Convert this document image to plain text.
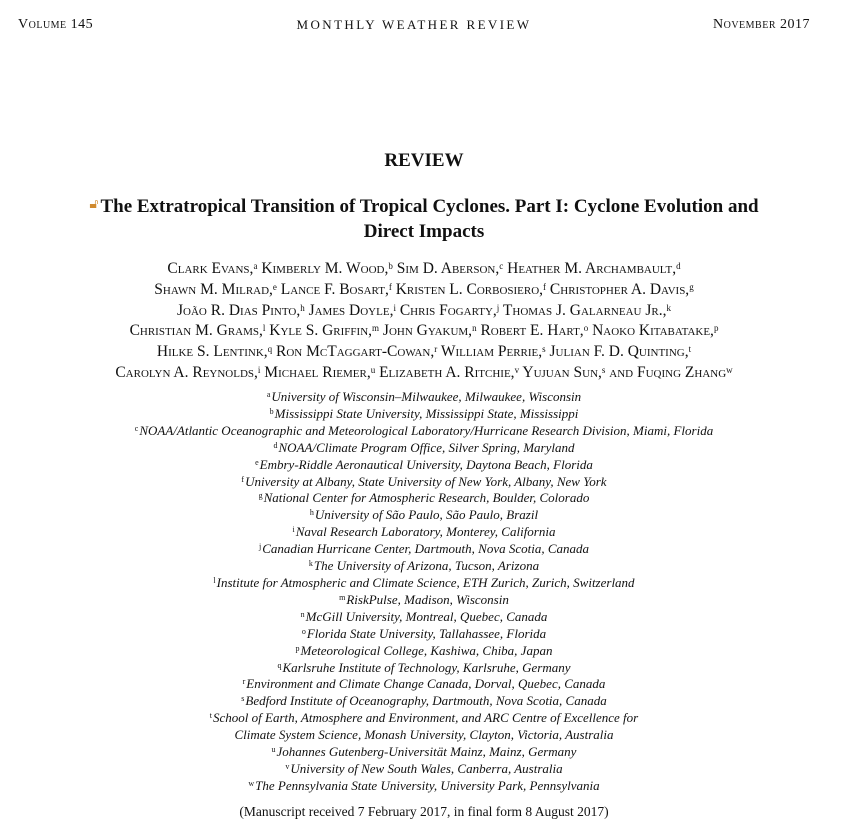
Volume 145	MONTHLY WEATHER REVIEW	November 2017
REVIEW
🔓︎ The Extratropical Transition of Tropical Cyclones. Part I: Cyclone Evolution and
Direct Impacts
Clark Evans,$^a$ Kimberly M. Wood,$^b$ Sim D. Aberson,$^c$ Heather M. Archambault,$^d$
Shawn M. Milrad,$^e$ Lance F. Bosart,$^f$ Kristen L. Corbosiero,$^f$ Christopher A. Davis,$^g$
João R. Dias Pinto,$^h$ James Doyle,$^i$ Chris Fogarty,$^j$ Thomas J. Galarneau Jr.,$^k$
Christian M. Grams,$^l$ Kyle S. Griffin,$^m$ John Gyakum,$^n$ Robert E. Hart,$^o$ Naoko Kitabatake,$^p$
Hilke S. Lentink,$^q$ Ron McTaggart-Cowan,$^r$ William Perrie,$^s$ Julian F. D. Quinting,$^t$
Carolyn A. Reynolds,$^i$ Michael Riemer,$^u$ Elizabeth A. Ritchie,$^v$ Yujuan Sun,$^s$ and Fuqing Zhang$^w$
$^a$University of Wisconsin–Milwaukee, Milwaukee, Wisconsin
$^b$Mississippi State University, Mississippi State, Mississippi
$^c$NOAA/Atlantic Oceanographic and Meteorological Laboratory/Hurricane Research Division, Miami, Florida
$^d$NOAA/Climate Program Office, Silver Spring, Maryland
$^e$Embry-Riddle Aeronautical University, Daytona Beach, Florida
$^f$University at Albany, State University of New York, Albany, New York
$^g$National Center for Atmospheric Research, Boulder, Colorado
$^h$University of São Paulo, São Paulo, Brazil
$^i$Naval Research Laboratory, Monterey, California
$^j$Canadian Hurricane Center, Dartmouth, Nova Scotia, Canada
$^k$The University of Arizona, Tucson, Arizona
$^l$Institute for Atmospheric and Climate Science, ETH Zurich, Zurich, Switzerland
$^m$RiskPulse, Madison, Wisconsin
$^n$McGill University, Montreal, Quebec, Canada
$^o$Florida State University, Tallahassee, Florida
$^p$Meteorological College, Kashiwa, Chiba, Japan
$^q$Karlsruhe Institute of Technology, Karlsruhe, Germany
$^r$Environment and Climate Change Canada, Dorval, Quebec, Canada
$^s$Bedford Institute of Oceanography, Dartmouth, Nova Scotia, Canada
$^t$School of Earth, Atmosphere and Environment, and ARC Centre of Excellence for
Climate System Science, Monash University, Clayton, Victoria, Australia
$^u$Johannes Gutenberg-Universität Mainz, Mainz, Germany
$^v$University of New South Wales, Canberra, Australia
$^w$The Pennsylvania State University, University Park, Pennsylvania
(Manuscript received 7 February 2017, in final form 8 August 2017)
